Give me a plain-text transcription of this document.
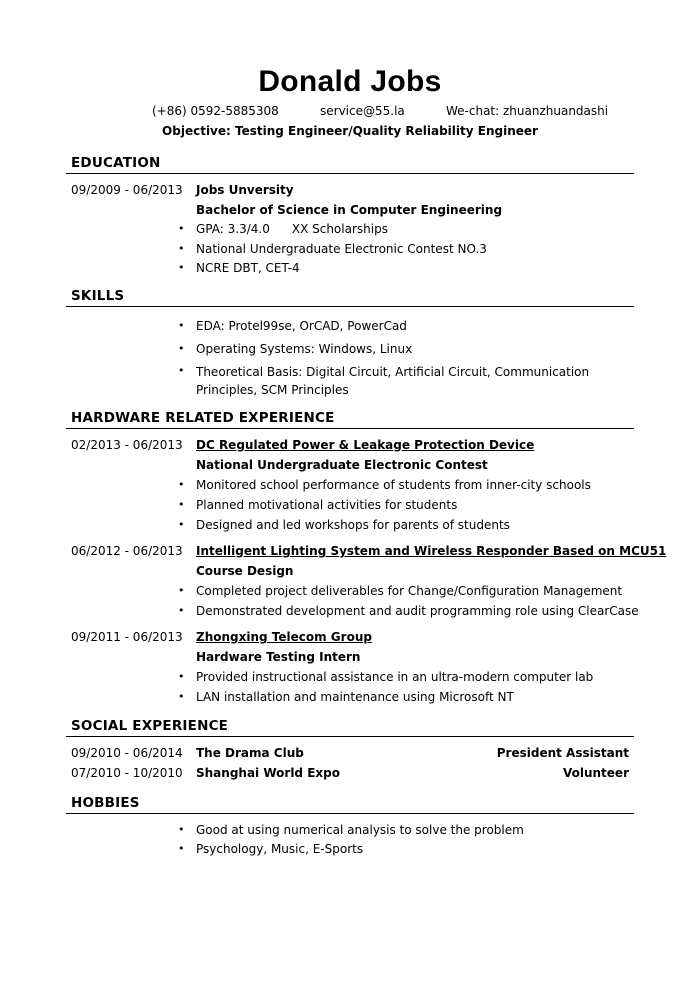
Donald Jobs
(+86) 0592-5885308	service@55.la	We-chat: zhuanzhuandashi
Objective: Testing Engineer/Quality Reliability Engineer
EDUCATION
09/2009 - 06/2013 Jobs Unversity
Bachelor of Science in Computer Engineering
• GPA: 3.3/4.0 XX Scholarships
• National Undergraduate Electronic Contest NO.3
• NCRE DBT, CET-4
SKILLS
• EDA: Protel99se, OrCAD, PowerCad
• Operating Systems: Windows, Linux
• Theoretical Basis: Digital Circuit, Artificial Circuit, Communication Principles, SCM Principles
HARDWARE RELATED EXPERIENCE
02/2013 - 06/2013 DC Regulated Power & Leakage Protection Device
National Undergraduate Electronic Contest
• Monitored school performance of students from inner-city schools
• Planned motivational activities for students
• Designed and led workshops for parents of students
06/2012 - 06/2013 Intelligent Lighting System and Wireless Responder Based on MCU51
Course Design
• Completed project deliverables for Change/Configuration Management
• Demonstrated development and audit programming role using ClearCase
09/2011 - 06/2013 Zhongxing Telecom Group
Hardware Testing Intern
• Provided instructional assistance in an ultra-modern computer lab
• LAN installation and maintenance using Microsoft NT
SOCIAL EXPERIENCE
09/2010 - 06/2014 The Drama Club	President Assistant
07/2010 - 10/2010 Shanghai World Expo	Volunteer
HOBBIES
• Good at using numerical analysis to solve the problem
• Psychology, Music, E-Sports
